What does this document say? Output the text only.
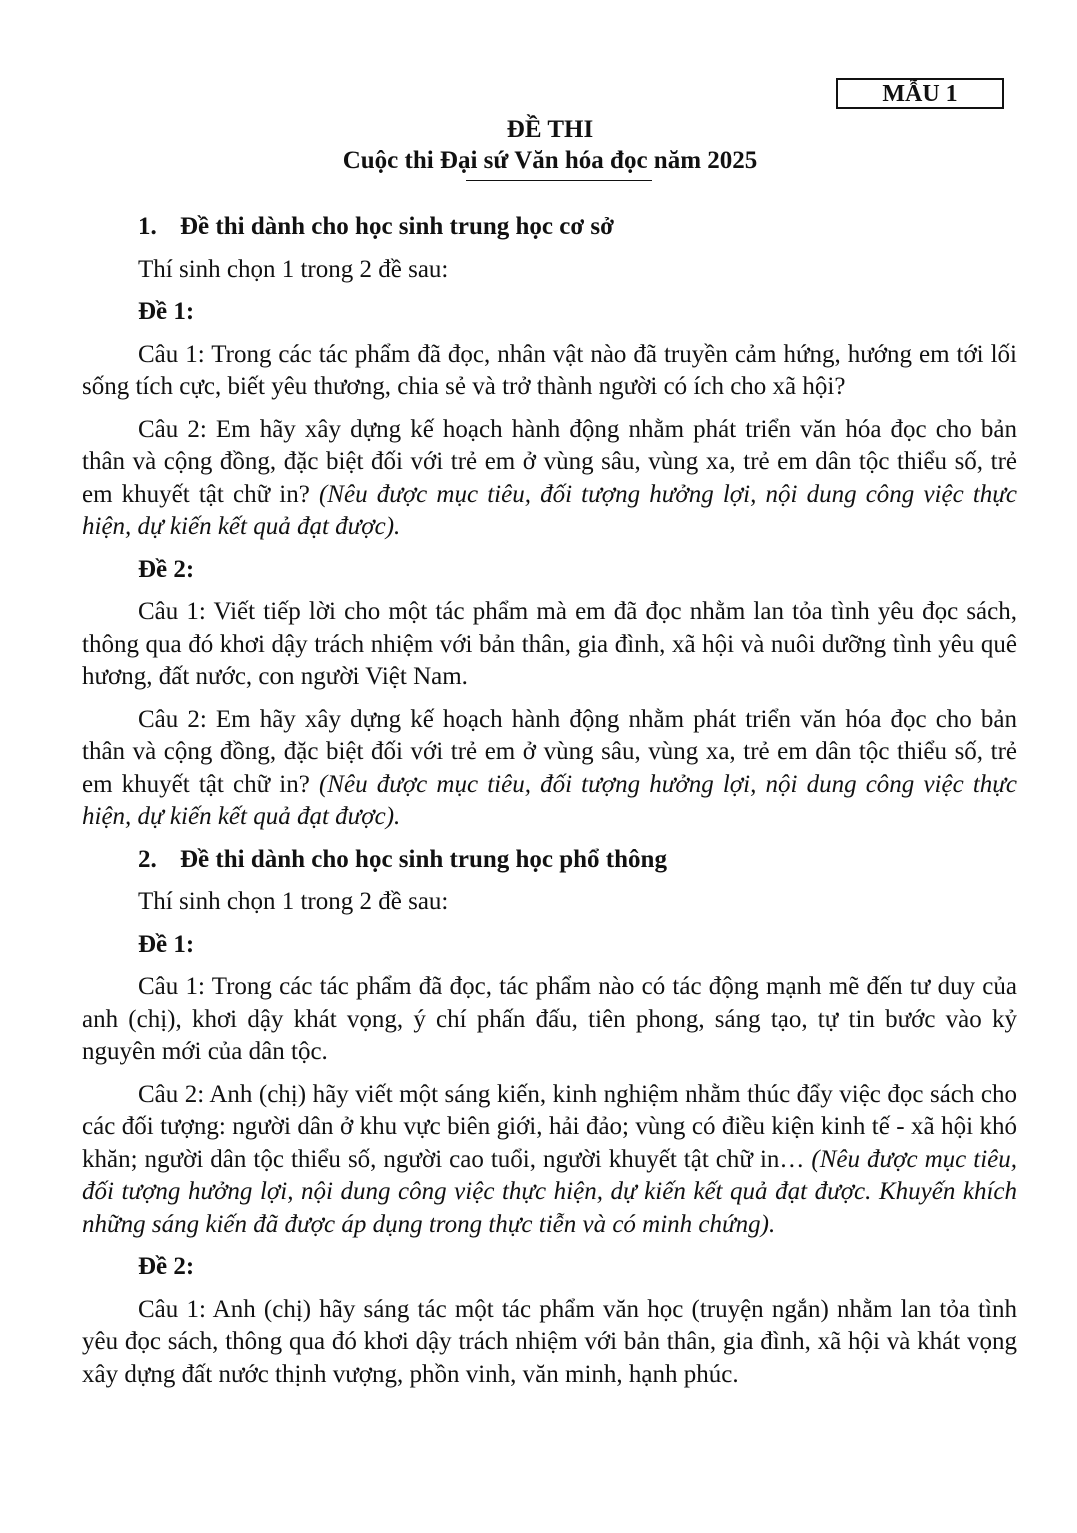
MẪU 1
ĐỀ THI
Cuộc thi Đại sứ Văn hóa đọc năm 2025

1. Đề thi dành cho học sinh trung học cơ sở

Thí sinh chọn 1 trong 2 đề sau:

Đề 1:

Câu 1: Trong các tác phẩm đã đọc, nhân vật nào đã truyền cảm hứng, hướng em tới lối sống tích cực, biết yêu thương, chia sẻ và trở thành người có ích cho xã hội?

Câu 2: Em hãy xây dựng kế hoạch hành động nhằm phát triển văn hóa đọc cho bản thân và cộng đồng, đặc biệt đối với trẻ em ở vùng sâu, vùng xa, trẻ em dân tộc thiểu số, trẻ em khuyết tật chữ in? (Nêu được mục tiêu, đối tượng hưởng lợi, nội dung công việc thực hiện, dự kiến kết quả đạt được).

Đề 2:

Câu 1: Viết tiếp lời cho một tác phẩm mà em đã đọc nhằm lan tỏa tình yêu đọc sách, thông qua đó khơi dậy trách nhiệm với bản thân, gia đình, xã hội và nuôi dưỡng tình yêu quê hương, đất nước, con người Việt Nam.

Câu 2: Em hãy xây dựng kế hoạch hành động nhằm phát triển văn hóa đọc cho bản thân và cộng đồng, đặc biệt đối với trẻ em ở vùng sâu, vùng xa, trẻ em dân tộc thiểu số, trẻ em khuyết tật chữ in? (Nêu được mục tiêu, đối tượng hưởng lợi, nội dung công việc thực hiện, dự kiến kết quả đạt được).

2. Đề thi dành cho học sinh trung học phổ thông

Thí sinh chọn 1 trong 2 đề sau:

Đề 1:

Câu 1: Trong các tác phẩm đã đọc, tác phẩm nào có tác động mạnh mẽ đến tư duy của anh (chị), khơi dậy khát vọng, ý chí phấn đấu, tiên phong, sáng tạo, tự tin bước vào kỷ nguyên mới của dân tộc.

Câu 2: Anh (chị) hãy viết một sáng kiến, kinh nghiệm nhằm thúc đẩy việc đọc sách cho các đối tượng: người dân ở khu vực biên giới, hải đảo; vùng có điều kiện kinh tế - xã hội khó khăn; người dân tộc thiểu số, người cao tuổi, người khuyết tật chữ in… (Nêu được mục tiêu, đối tượng hưởng lợi, nội dung công việc thực hiện, dự kiến kết quả đạt được. Khuyến khích những sáng kiến đã được áp dụng trong thực tiễn và có minh chứng).

Đề 2:

Câu 1: Anh (chị) hãy sáng tác một tác phẩm văn học (truyện ngắn) nhằm lan tỏa tình yêu đọc sách, thông qua đó khơi dậy trách nhiệm với bản thân, gia đình, xã hội và khát vọng xây dựng đất nước thịnh vượng, phồn vinh, văn minh, hạnh phúc.
